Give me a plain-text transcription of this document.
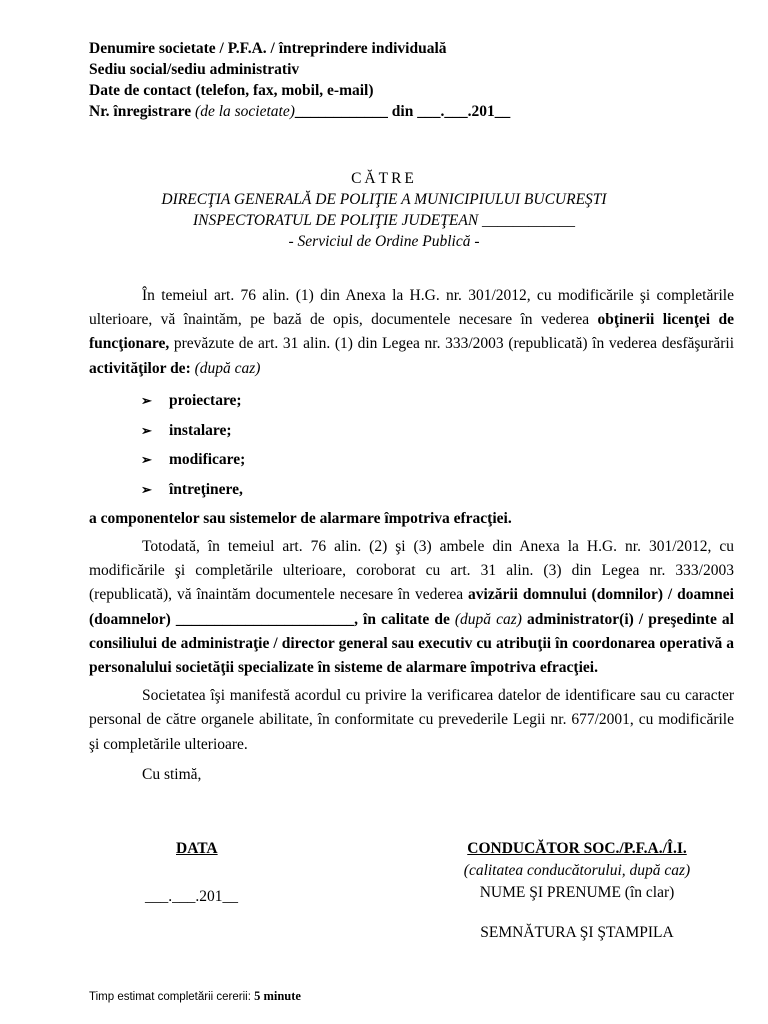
Denumire societate / P.F.A. / întreprindere individuală
Sediu social/sediu administrativ
Date de contact (telefon, fax, mobil, e-mail)
Nr. înregistrare (de la societate)____________ din ___.___.201__
CĂTRE
DIRECŢIA GENERALĂ DE POLIŢIE A MUNICIPIULUI BUCUREŞTI
INSPECTORATUL DE POLIŢIE JUDEŢEAN ____________
- Serviciul de Ordine Publică -

În temeiul art. 76 alin. (1) din Anexa la H.G. nr. 301/2012, cu modificările şi completările ulterioare, vă înaintăm, pe bază de opis, documentele necesare în vederea obţinerii licenţei de funcţionare, prevăzute de art. 31 alin. (1) din Legea nr. 333/2003 (republicată) în vederea desfăşurării activităţilor de: (după caz)

➢	proiectare;
➢	instalare;
➢	modificare;
➢	întreţinere,

a componentelor sau sistemelor de alarmare împotriva efracţiei.

Totodată, în temeiul art. 76 alin. (2) şi (3) ambele din Anexa la H.G. nr. 301/2012, cu modificările şi completările ulterioare, coroborat cu art. 31 alin. (3) din Legea nr. 333/2003 (republicată), vă înaintăm documentele necesare în vederea avizării domnului (domnilor) / doamnei (doamnelor) _______________________, în calitate de (după caz) administrator(i) / preşedinte al consiliului de administraţie / director general sau executiv cu atribuţii în coordonarea operativă a personalului societăţii specializate în sisteme de alarmare împotriva efracţiei.

Societatea îşi manifestă acordul cu privire la verificarea datelor de identificare sau cu caracter personal de către organele abilitate, în conformitate cu prevederile Legii nr. 677/2001, cu modificările şi completările ulterioare.

Cu stimă,

DATA
___.___.201__
CONDUCĂTOR SOC./P.F.A./Î.I.
(calitatea conducătorului, după caz)
NUME ŞI PRENUME (în clar)
SEMNĂTURA ŞI ŞTAMPILA
Timp estimat completării cererii: 5 minute
